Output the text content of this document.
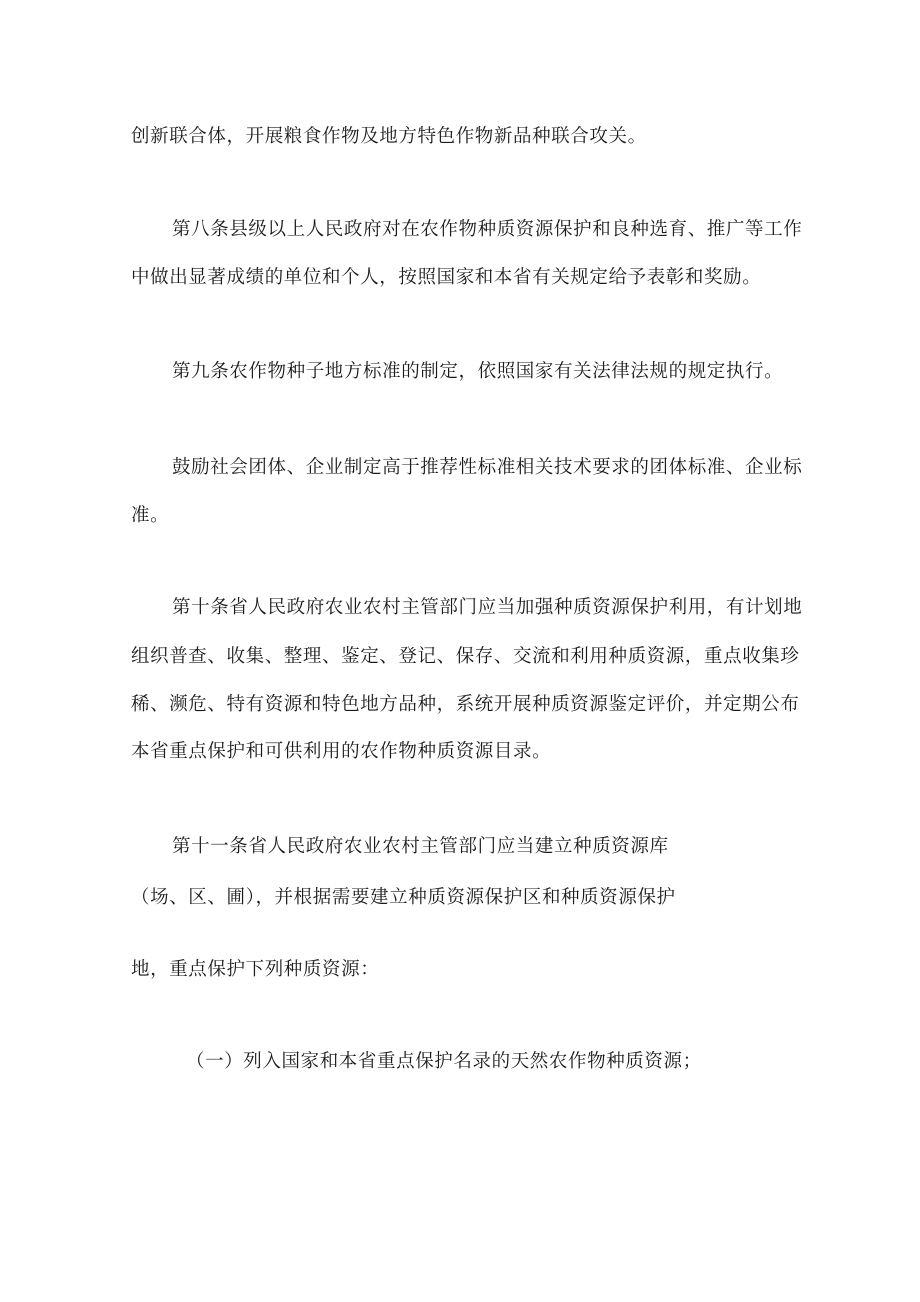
创新联合体，开展粮食作物及地方特色作物新品种联合攻关。
第八条县级以上人民政府对在农作物种质资源保护和良种选育、推广等工作
中做出显著成绩的单位和个人，按照国家和本省有关规定给予表彰和奖励。
第九条农作物种子地方标准的制定，依照国家有关法律法规的规定执行。
鼓励社会团体、企业制定高于推荐性标准相关技术要求的团体标准、企业标
准。
第十条省人民政府农业农村主管部门应当加强种质资源保护利用，有计划地
组织普查、收集、整理、鉴定、登记、保存、交流和利用种质资源，重点收集珍
稀、濒危、特有资源和特色地方品种，系统开展种质资源鉴定评价，并定期公布
本省重点保护和可供利用的农作物种质资源目录。
第十一条省人民政府农业农村主管部门应当建立种质资源库
（场、区、圃），并根据需要建立种质资源保护区和种质资源保护
地，重点保护下列种质资源：
（一）列入国家和本省重点保护名录的天然农作物种质资源；
